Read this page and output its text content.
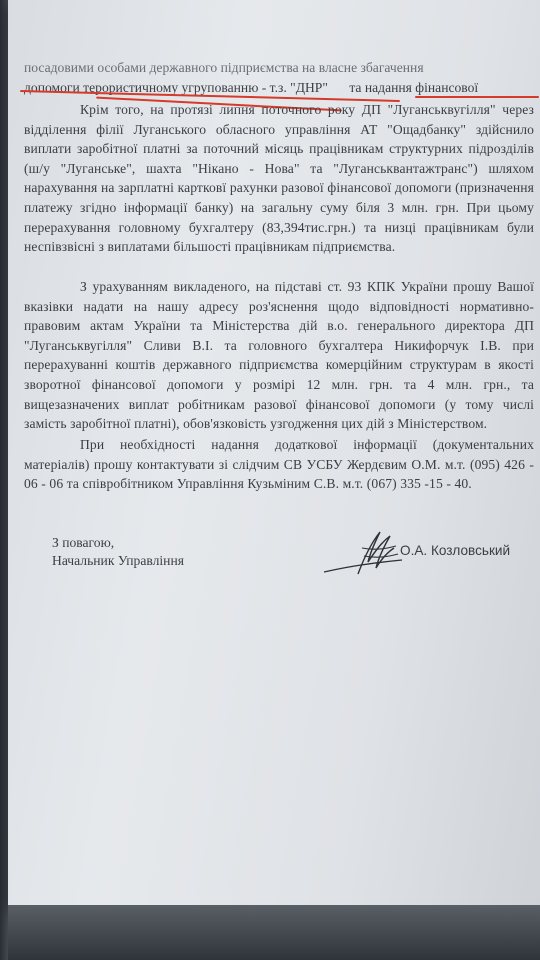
посадовими особами державного підприємства на власне збагачення
допомоги терористичному угрупованню - т.з. "ДНР" та надання фінансової

Крім того, на протязі липня поточного року ДП "Луганськвугілля" через відділення філії Луганського обласного управління АТ "Ощадбанку" здійснило виплати заробітної платні за поточний місяць працівникам структурних підрозділів (ш/у "Луганське", шахта "Нікано - Нова" та "Луганськвантажтранс") шляхом нарахування на зарплатні картковї рахунки разової фінансової допомоги (призначення платежу згідно інформації банку) на загальну суму біля 3 млн. грн. При цьому перерахування головному бухгалтеру (83,394тис.грн.) та низці працівникам були неспівзвісні з виплатами більшості працівникам підприємства.

З урахуванням викладеного, на підставі ст. 93 КПК України прошу Вашої вказівки надати на нашу адресу роз'яснення щодо відповідності нормативно-правовим актам України та Міністерства дій в.о. генерального директора ДП "Луганськвугілля" Сливи В.І. та головного бухгалтера Никифорчук І.В. при перерахуванні коштів державного підприємства комерційним структурам в якості зворотної фінансової допомоги у розмірі 12 млн. грн. та 4 млн. грн., та вищезазначених виплат робітникам разової фінансової допомоги (у тому числі замість заробітної платні), обов'язковість узгодження цих дій з Міністерством.

При необхідності надання додаткової інформації (документальних матеріалів) прошу контактувати зі слідчим СВ УСБУ Жердєвим О.М. м.т. (095) 426 - 06 - 06 та співробітником Управління Кузьміним С.В. м.т. (067) 335 -15 - 40.

З повагою,
Начальник Управління
О.А. Козловський
